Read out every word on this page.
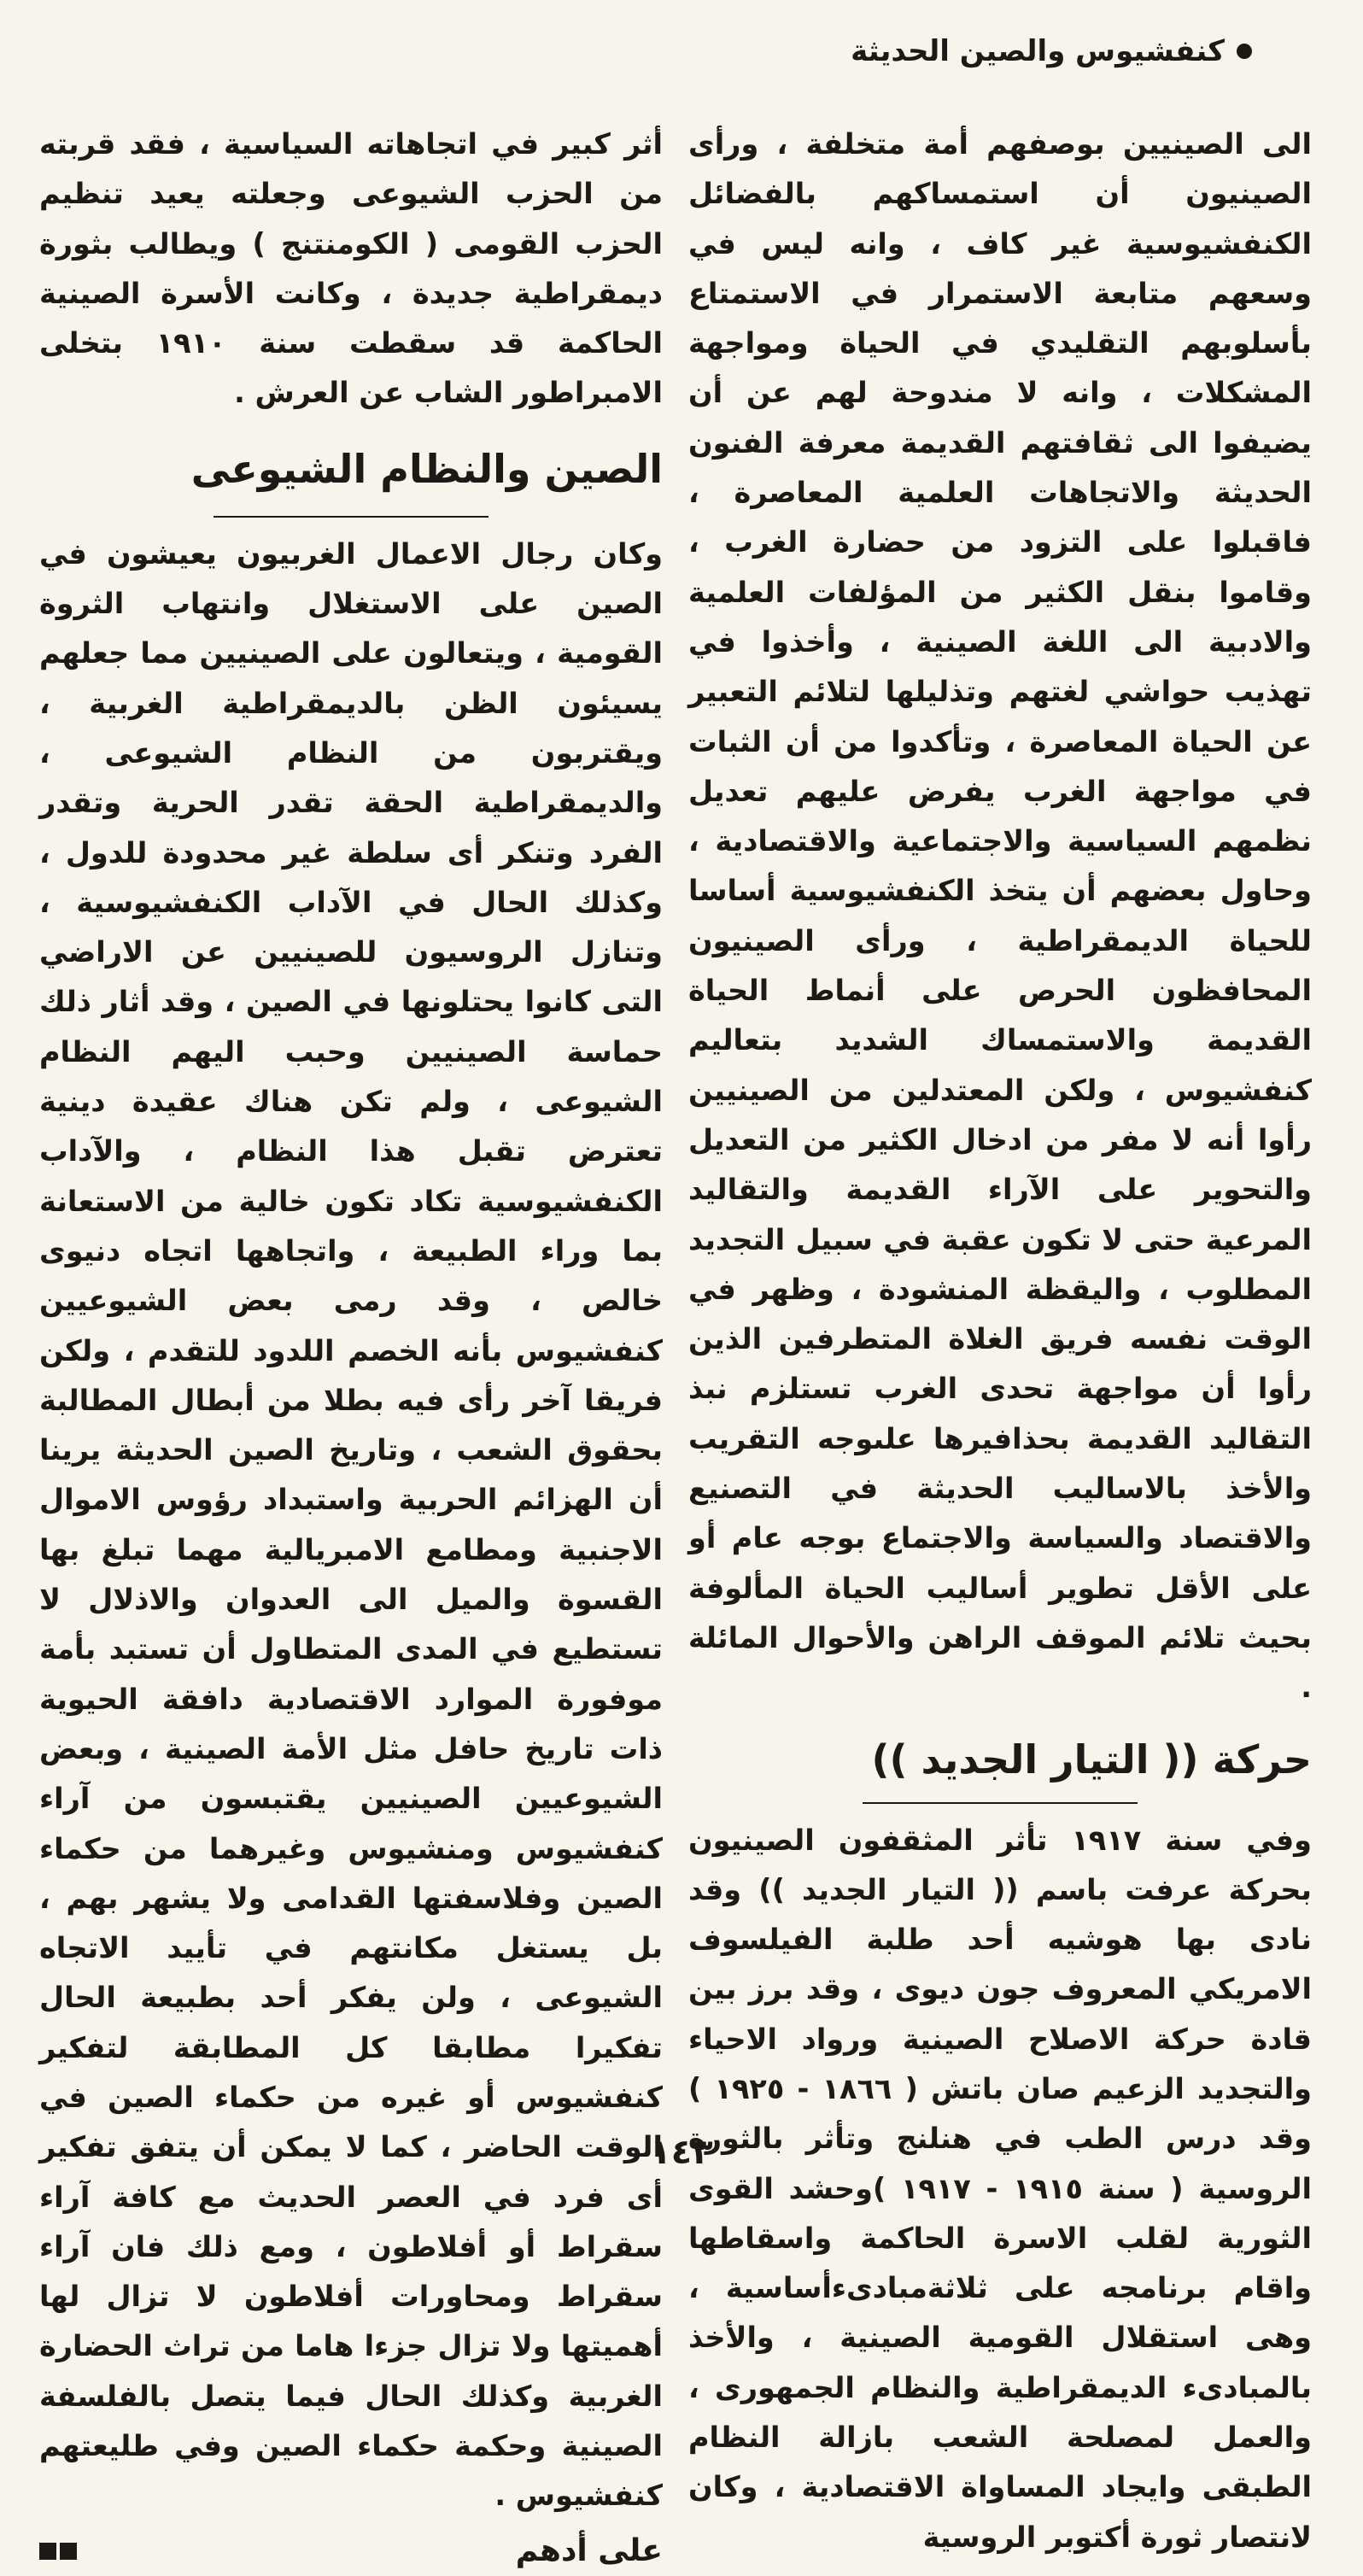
كنفشيوس والصين الحديثة

الى الصينيين بوصفهم أمة متخلفة ، ورأى الصينيون أن استمساكهم بالفضائل الكنفشيوسية غير كاف ، وانه ليس في وسعهم متابعة الاستمرار في الاستمتاع بأسلوبهم التقليدي في الحياة ومواجهة المشكلات ، وانه لا مندوحة لهم عن أن يضيفوا الى ثقافتهم القديمة معرفة الفنون الحديثة والاتجاهات العلمية المعاصرة ، فاقبلوا على التزود من حضارة الغرب ، وقاموا بنقل الكثير من المؤلفات العلمية والادبية الى اللغة الصينية ، وأخذوا في تهذيب حواشي لغتهم وتذليلها لتلائم التعبير عن الحياة المعاصرة ، وتأكدوا من أن الثبات في مواجهة الغرب يفرض عليهم تعديل نظمهم السياسية والاجتماعية والاقتصادية ، وحاول بعضهم أن يتخذ الكنفشيوسية أساسا للحياة الديمقراطية ، ورأى الصينيون المحافظون الحرص على أنماط الحياة القديمة والاستمساك الشديد بتعاليم كنفشيوس ، ولكن المعتدلين من الصينيين رأوا أنه لا مفر من ادخال الكثير من التعديل والتحوير على الآراء القديمة والتقاليد المرعية حتى لا تكون عقبة في سبيل التجديد المطلوب ، واليقظة المنشودة ، وظهر في الوقت نفسه فريق الغلاة المتطرفين الذين رأوا أن مواجهة تحدى الغرب تستلزم نبذ التقاليد القديمة بحذافيرها علىوجه التقريب والأخذ بالاساليب الحديثة في التصنيع والاقتصاد والسياسة والاجتماع بوجه عام أو على الأقل تطوير أساليب الحياة المألوفة بحيث تلائم الموقف الراهن والأحوال المائلة .

حركة (( التيار الجديد ))

وفي سنة ١٩١٧ تأثر المثقفون الصينيون بحركة عرفت باسم (( التيار الجديد )) وقد نادى بها هوشيه أحد طلبة الفيلسوف الامريكي المعروف جون ديوى ، وقد برز بين قادة حركة الاصلاح الصينية ورواد الاحياء والتجديد الزعيم صان باتش ( ١٨٦٦ - ١٩٢٥ ) وقد درس الطب في هنلنج وتأثر بالثورة الروسية ( سنة ١٩١٥ - ١٩١٧ )وحشد القوى الثورية لقلب الاسرة الحاكمة واسقاطها واقام برنامجه على ثلاثةمبادىءأساسية ، وهى استقلال القومية الصينية ، والأخذ بالمبادىء الديمقراطية والنظام الجمهورى ، والعمل لمصلحة الشعب بازالة النظام الطبقى وايجاد المساواة الاقتصادية ، وكان لانتصار ثورة أكتوبر الروسية

أثر كبير في اتجاهاته السياسية ، فقد قربته من الحزب الشيوعى وجعلته يعيد تنظيم الحزب القومى ( الكومنتنج ) ويطالب بثورة ديمقراطية جديدة ، وكانت الأسرة الصينية الحاكمة قد سقطت سنة ١٩١٠ بتخلى الامبراطور الشاب عن العرش .

الصين والنظام الشيوعى

وكان رجال الاعمال الغربيون يعيشون في الصين على الاستغلال وانتهاب الثروة القومية ، ويتعالون على الصينيين مما جعلهم يسيئون الظن بالديمقراطية الغربية ، ويقتربون من النظام الشيوعى ، والديمقراطية الحقة تقدر الحرية وتقدر الفرد وتنكر أى سلطة غير محدودة للدول ، وكذلك الحال في الآداب الكنفشيوسية ، وتنازل الروسيون للصينيين عن الاراضي التى كانوا يحتلونها في الصين ، وقد أثار ذلك حماسة الصينيين وحبب اليهم النظام الشيوعى ، ولم تكن هناك عقيدة دينية تعترض تقبل هذا النظام ، والآداب الكنفشيوسية تكاد تكون خالية من الاستعانة بما وراء الطبيعة ، واتجاهها اتجاه دنيوى خالص ، وقد رمى بعض الشيوعيين كنفشيوس بأنه الخصم اللدود للتقدم ، ولكن فريقا آخر رأى فيه بطلا من أبطال المطالبة بحقوق الشعب ، وتاريخ الصين الحديثة يرينا أن الهزائم الحربية واستبداد رؤوس الاموال الاجنبية ومطامع الامبريالية مهما تبلغ بها القسوة والميل الى العدوان والاذلال لا تستطيع في المدى المتطاول أن تستبد بأمة موفورة الموارد الاقتصادية دافقة الحيوية ذات تاريخ حافل مثل الأمة الصينية ، وبعض الشيوعيين الصينيين يقتبسون من آراء كنفشيوس ومنشيوس وغيرهما من حكماء الصين وفلاسفتها القدامى ولا يشهر بهم ، بل يستغل مكانتهم في تأييد الاتجاه الشيوعى ، ولن يفكر أحد بطبيعة الحال تفكيرا مطابقا كل المطابقة لتفكير كنفشيوس أو غيره من حكماء الصين في الوقت الحاضر ، كما لا يمكن أن يتفق تفكير أى فرد في العصر الحديث مع كافة آراء سقراط أو أفلاطون ، ومع ذلك فان آراء سقراط ومحاورات أفلاطون لا تزال لها أهميتها ولا تزال جزءا هاما من تراث الحضارة الغربية وكذلك الحال فيما يتصل بالفلسفة الصينية وحكمة حكماء الصين وفي طليعتهم كنفشيوس .

على أدهم
١٤٣
